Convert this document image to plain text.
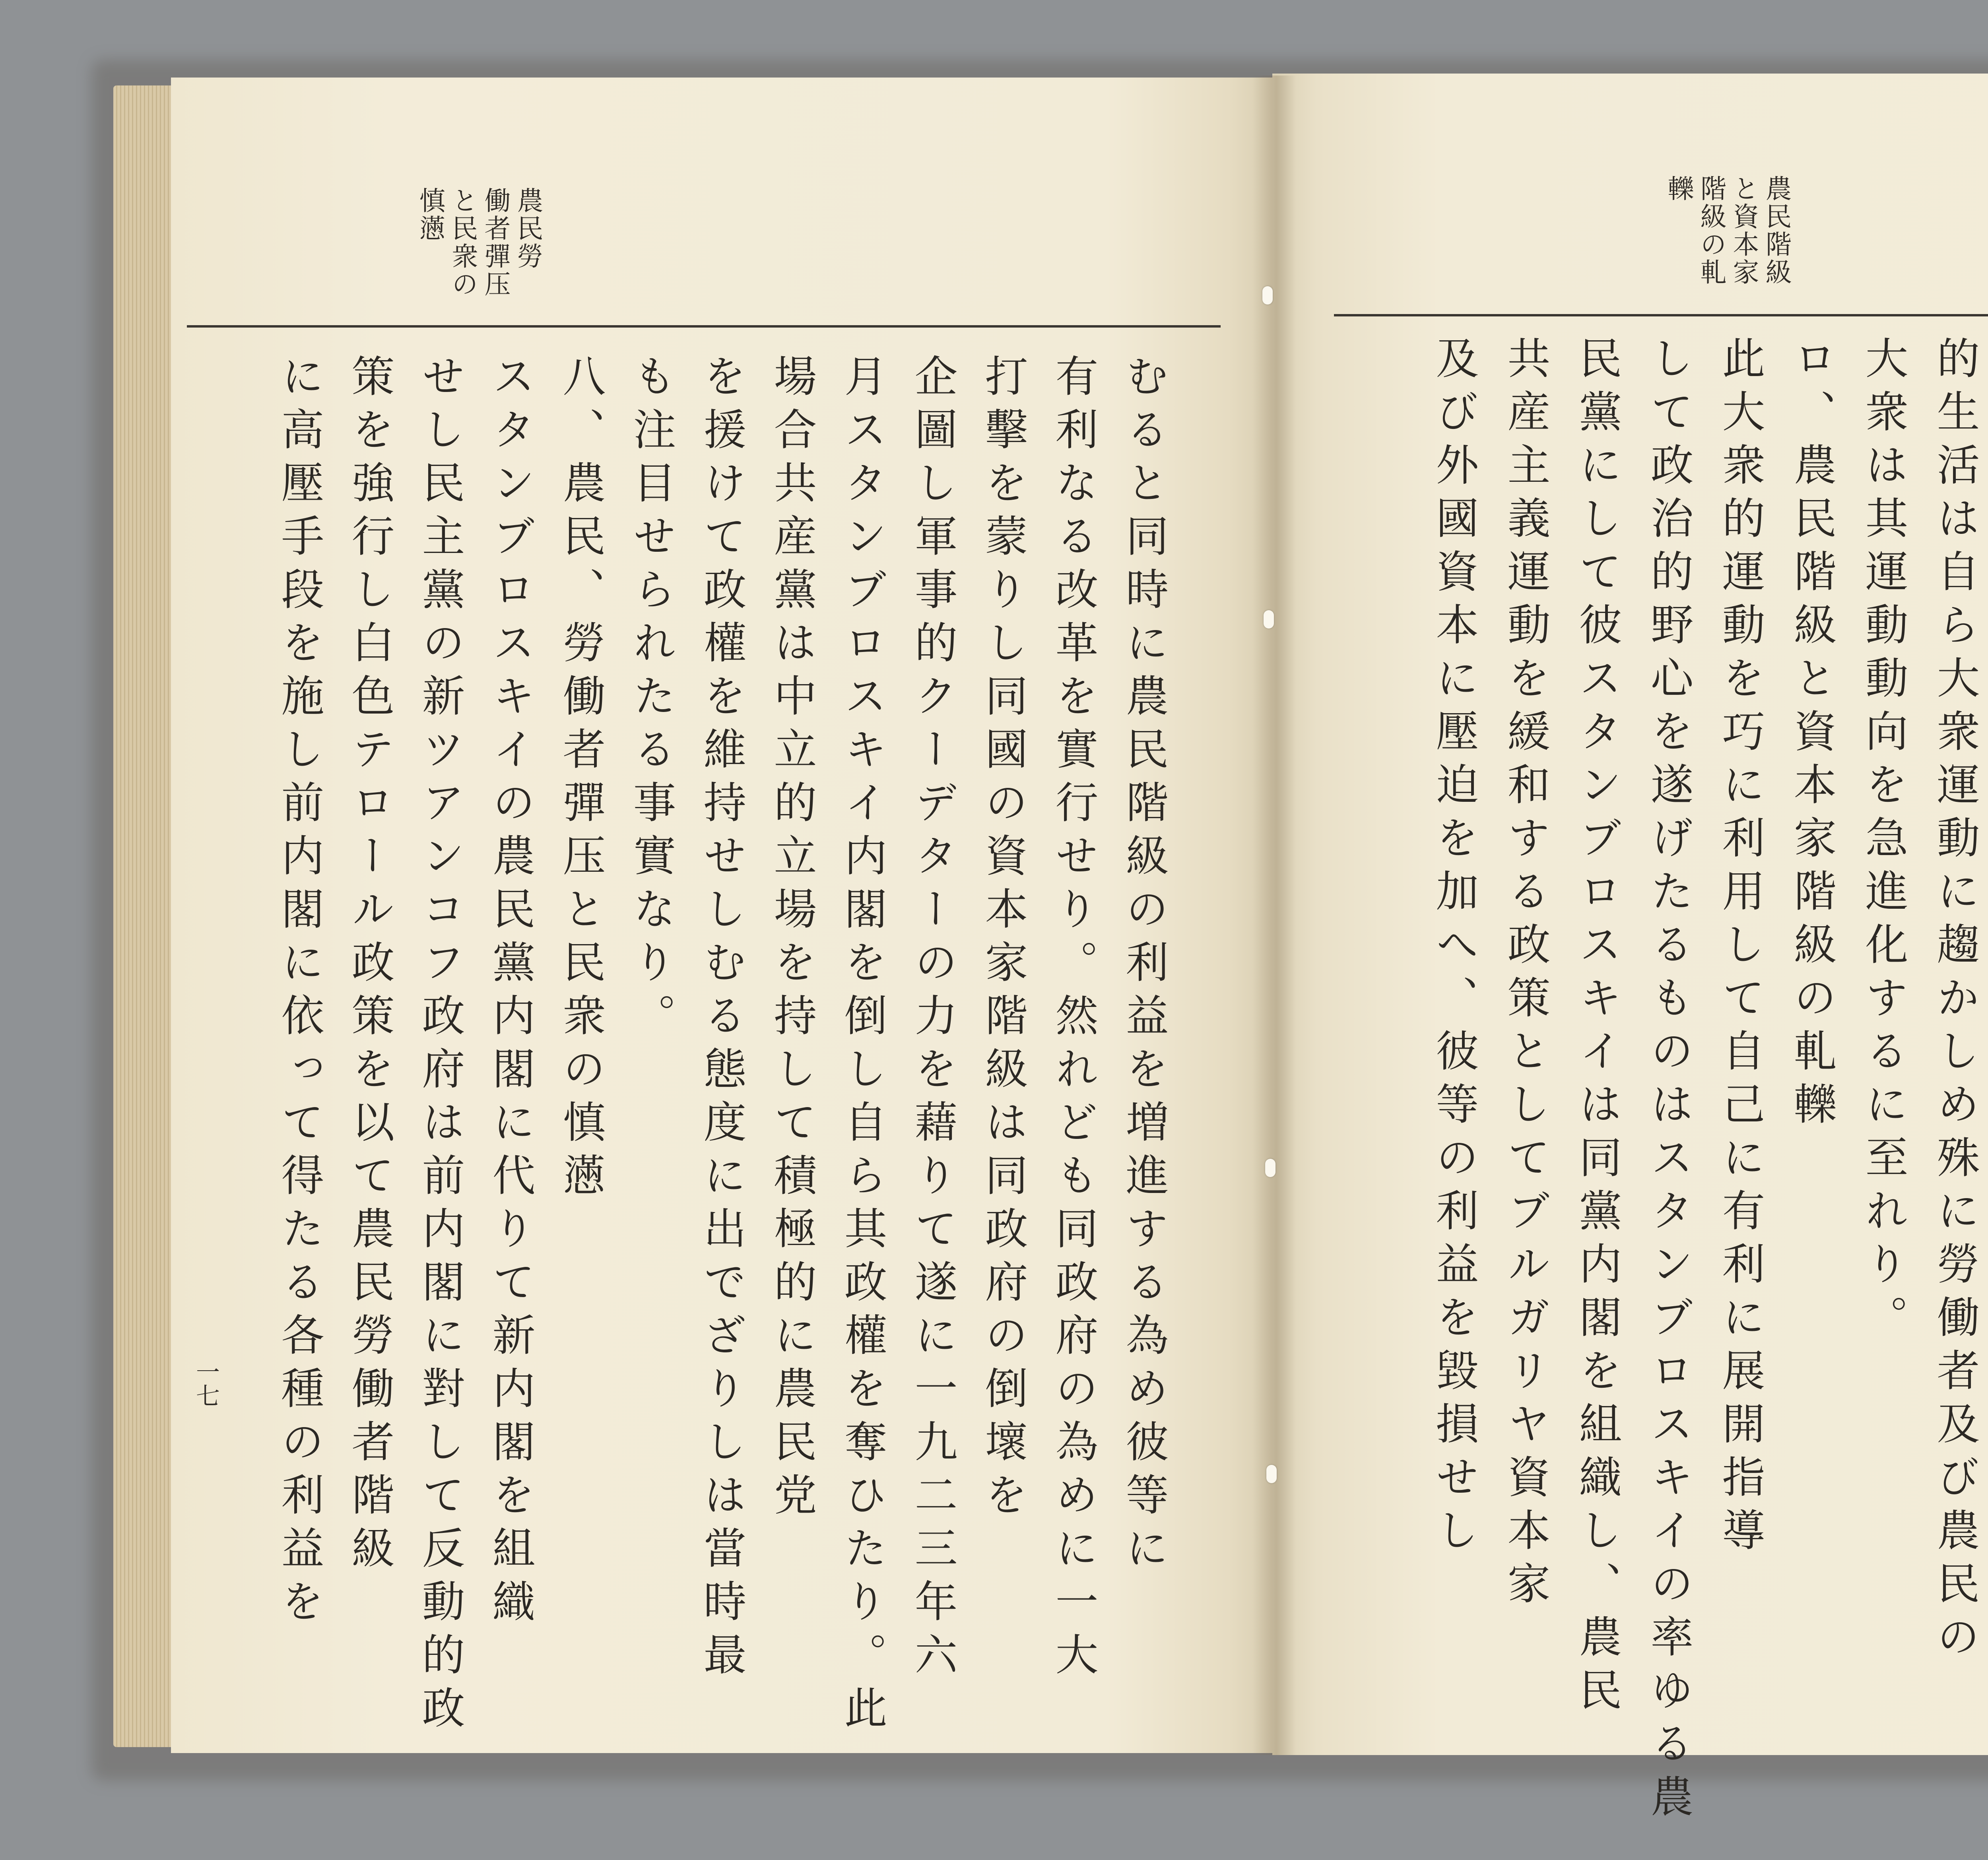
農民勞
働者彈压
と民衆の
慎懣	農民階級
と資本家
階級の軋
轢
むると同時に農民階級の利益を増進する為め彼等に
有利なる改革を實行せり。然れども同政府の為めに一大
打擊を蒙りし同國の資本家階級は同政府の倒壞を
企圖し軍事的クーデターの力を藉りて遂に一九二三年六
月スタンブロスキイ内閣を倒し自ら其政權を奪ひたり。此
場合共産黨は中立的立場を持して積極的に農民党
を援けて政權を維持せしむる態度に出でざりしは當時最
も注目せられたる事實なり。
八、農民、勞働者彈压と民衆の慎懣
スタンブロスキイの農民黨内閣に代りて新内閣を組織
せし民主黨の新ツアンコフ政府は前内閣に對して反動的政
策を強行し白色テロール政策を以て農民勞働者階級
に高壓手段を施し前内閣に依って得たる各種の利益を	的生活は自ら大衆運動に趨かしめ殊に勞働者及び農民の
大衆は其運動動向を急進化するに至れり。
ロ、農民階級と資本家階級の軋轢
此大衆的運動を巧に利用して自己に有利に展開指導
して政治的野心を遂げたるものはスタンブロスキイの率ゆる農
民黨にして彼スタンブロスキイは同黨内閣を組織し、農民
共産主義運動を緩和する政策としてブルガリヤ資本家
及び外國資本に壓迫を加へ、彼等の利益を毀損せし
一七
